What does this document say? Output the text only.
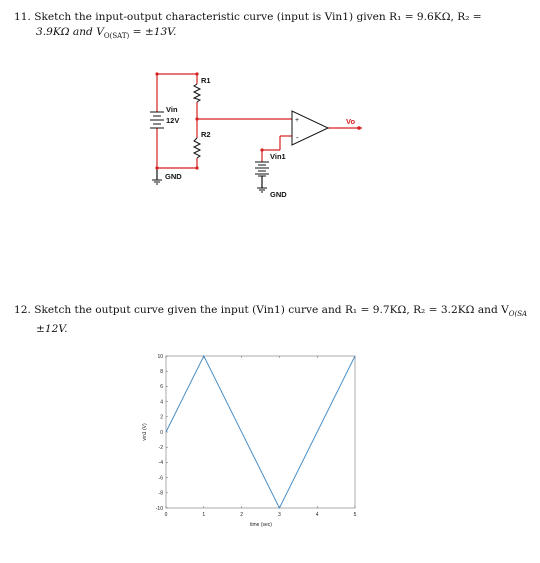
11. Sketch the input-output characteristic curve (input is Vin1) given R₁ = 9.6KΩ, R₂ =
3.9KΩ and $V_{O(SAT)} = \pm 13V$.
+
-
R1
R2
Vin
12V
GND
Vin1
GND
Vo
12. Sketch the output curve given the input (Vin1) curve and R₁ = 9.7KΩ, R₂ = 3.2KΩ and $V_{O(SA}$
±12V.
10
8
6
4
2
0
-2
-4
-6
-8
-10
0	1	2	3	4	5
time (sec)
vin1 (V)
